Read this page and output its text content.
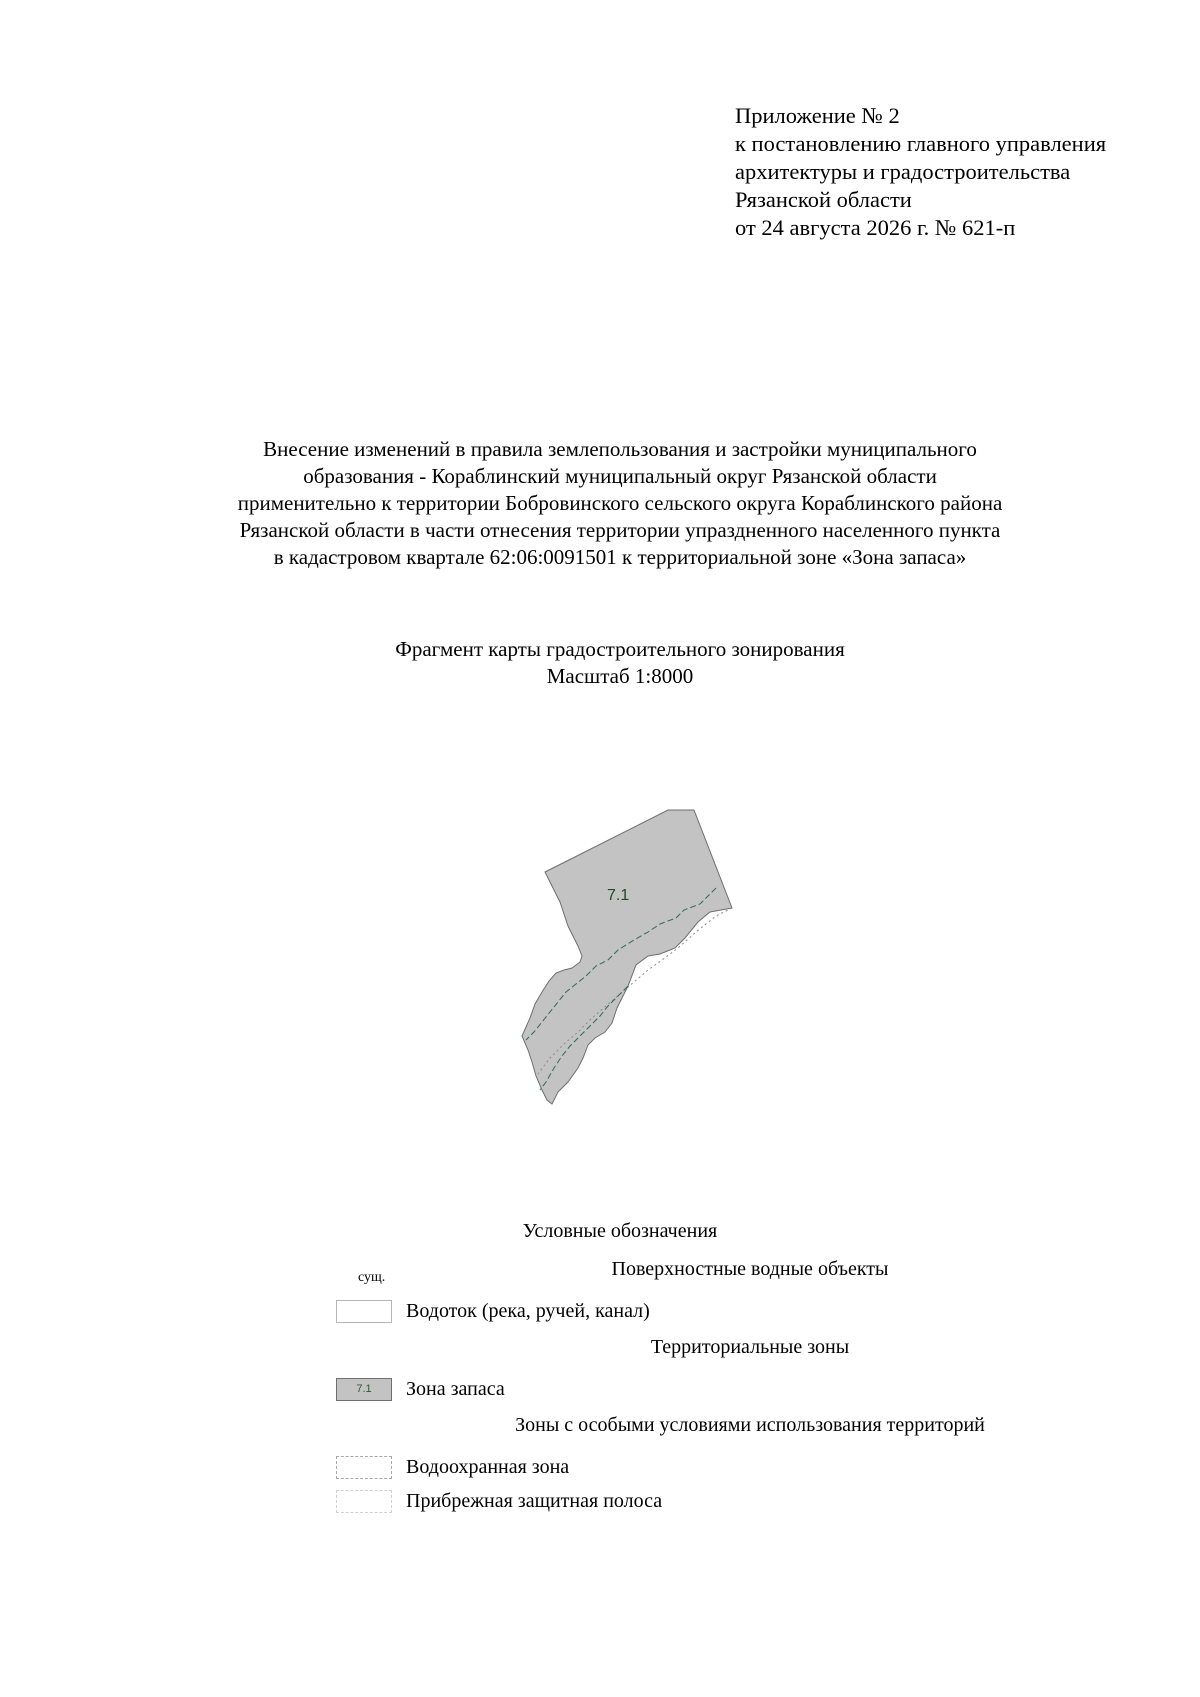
Приложение № 2
к постановлению главного управления
архитектуры и градостроительства
Рязанской области
от 24 августа 2026 г. № 621-п
Внесение изменений в правила землепользования и застройки муниципального
образования - Кораблинский муниципальный округ Рязанской области
применительно к территории Бобровинского сельского округа Кораблинского района
Рязанской области в части отнесения территории упраздненного населенного пункта
в кадастровом квартале 62:06:0091501 к территориальной зоне «Зона запаса»
Фрагмент карты градостроительного зонирования
Масштаб 1:8000
7.1
Условные обозначения
сущ.	Поверхностные водные объекты
Водоток (река, ручей, канал)
Территориальные зоны
7.1 Зона запаса
Зоны с особыми условиями использования территорий
Водоохранная зона
Прибрежная защитная полоса
